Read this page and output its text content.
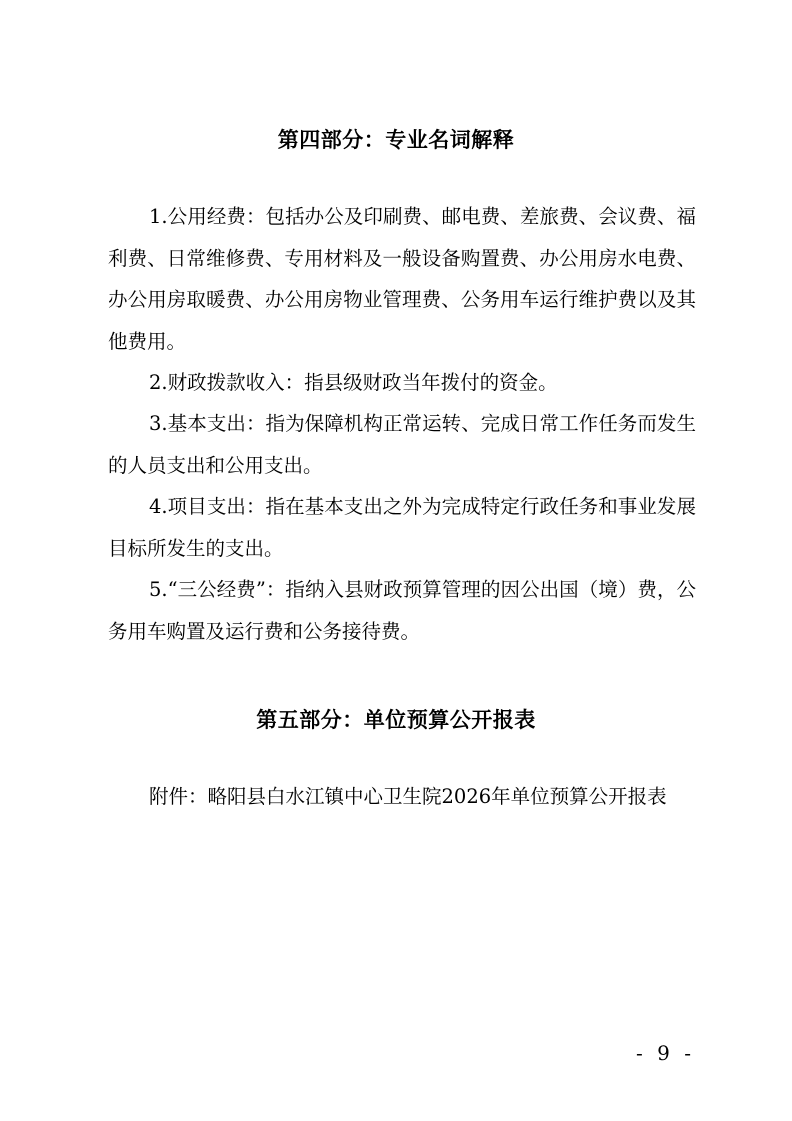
第四部分：专业名词解释

1.公用经费：包括办公及印刷费、邮电费、差旅费、会议费、福利费、日常维修费、专用材料及一般设备购置费、办公用房水电费、办公用房取暖费、办公用房物业管理费、公务用车运行维护费以及其他费用。

2.财政拨款收入：指县级财政当年拨付的资金。

3.基本支出：指为保障机构正常运转、完成日常工作任务而发生的人员支出和公用支出。

4.项目支出：指在基本支出之外为完成特定行政任务和事业发展目标所发生的支出。

5.“三公经费”：指纳入县财政预算管理的因公出国（境）费，公务用车购置及运行费和公务接待费。

第五部分：单位预算公开报表

附件：略阳县白水江镇中心卫生院2026年单位预算公开报表

- 9 -
